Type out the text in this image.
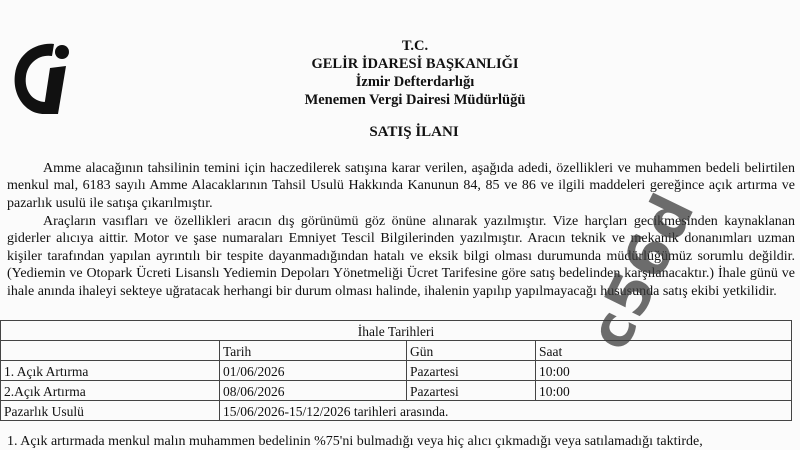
T.C.
GELİR İDARESİ BAŞKANLIĞI
İzmir Defterdarlığı
Menemen Vergi Dairesi Müdürlüğü
SATIŞ İLANI

Amme alacağının tahsilinin temini için haczedilerek satışına karar verilen, aşağıda adedi, özellikleri ve muhammen bedeli belirtilen menkul mal, 6183 sayılı Amme Alacaklarının Tahsil Usulü Hakkında Kanunun 84, 85 ve 86 ve ilgili maddeleri gereğince açık artırma ve pazarlık usulü ile satışa çıkarılmıştır.

Araçların vasıfları ve özellikleri aracın dış görünümü göz önüne alınarak yazılmıştır. Vize harçları gecikmesinden kaynaklanan giderler alıcıya aittir. Motor ve şase numaraları Emniyet Tescil Bilgilerinden yazılmıştır. Aracın teknik ve mekanik donanımları uzman kişiler tarafından yapılan ayrıntılı bir tespite dayanmadığından hatalı ve eksik bilgi olması durumunda müdürlüğümüz sorumlu değildir. (Yediemin ve Otopark Ücreti Lisanslı Yediemin Depoları Yönetmeliği Ücret Tarifesine göre satış bedelinden karşılanacaktır.) İhale günü ve ihale anında ihaleyi sekteye uğratacak herhangi bir durum olması halinde, ihalenin yapılıp yapılmayacağı hususunda satış ekibi yetkilidir.

İhale Tarihleri			
	Tarih	Gün	Saat
1. Açık Artırma	01/06/2026	Pazartesi	10:00
2.Açık Artırma	08/06/2026	Pazartesi	10:00
Pazarlık Usulü	15/06/2026-15/12/2026 tarihleri arasında.		

1. Açık artırmada menkul malın muhammen bedelinin %75'ni bulmadığı veya hiç alıcı çıkmadığı veya satılamadığı taktirde,

c56d
